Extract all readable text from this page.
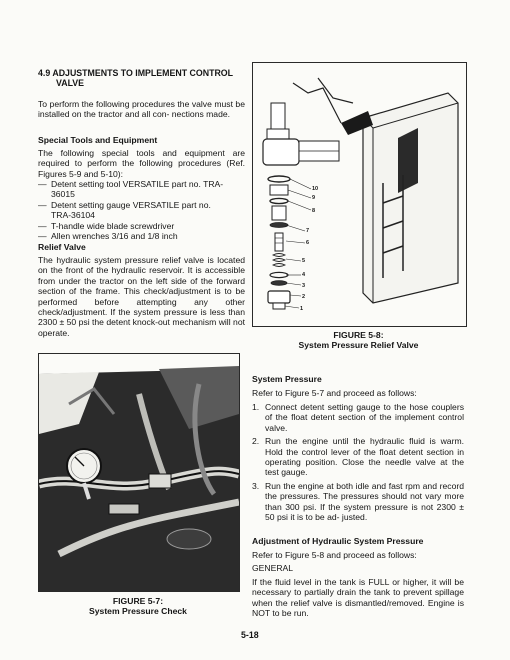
4.9 ADJUSTMENTS TO IMPLEMENT CONTROL
VALVE

To perform the following procedures the valve must be installed on the tractor and all con- nections made.

Special Tools and Equipment

The following special tools and equipment are required to perform the following procedures (Ref. Figures 5-9 and 5-10):

— Detent setting tool VERSATILE part no. TRA-36015
— Detent setting gauge VERSATILE part no. TRA-36104
— T-handle wide blade screwdriver
— Allen wrenches 3/16 and 1/8 inch
Relief Valve

The hydraulic system pressure relief valve is located on the front of the hydraulic reservoir. It is accessible from under the tractor on the left side of the forward section of the frame. This check/adjustment is to be performed before attempting any other check/adjustment. If the system pressure is less than 2300 ± 50 psi the detent knock-out mechanism will not operate.

10
9
8
7
6
5
4
3
2
1
FIGURE 5-8:
System Pressure Relief Valve
FIGURE 5-7:
System Pressure Check
System Pressure

Refer to Figure 5-7 and proceed as follows:

1. Connect detent setting gauge to the hose couplers of the float detent section of the implement control valve.
2. Run the engine until the hydraulic fluid is warm. Hold the control lever of the float detent section in operating position. Close the needle valve at the test gauge.
3. Run the engine at both idle and fast rpm and record the pressures. The pressures should not vary more than 300 psi. If the system pressure is not 2300 ± 50 psi it is to be ad- justed.
Adjustment of Hydraulic System Pressure

Refer to Figure 5-8 and proceed as follows:

GENERAL

If the fluid level in the tank is FULL or higher, it will be necessary to partially drain the tank to prevent spillage when the relief valve is dismantled/removed. Engine is NOT to be run.

5-18
